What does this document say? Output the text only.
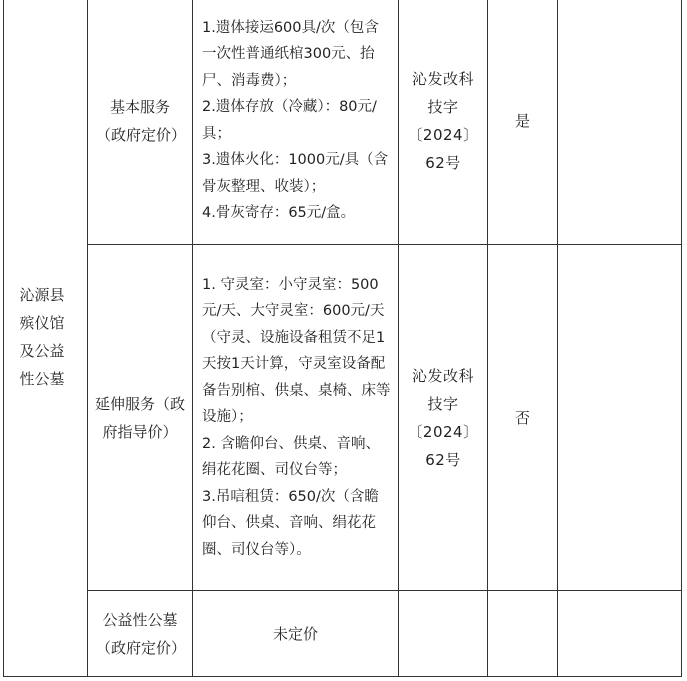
沁源县殡仪馆及公益性公墓	基本服务（政府定价）	1.遗体接运600具/次（包含一次性普通纸棺300元、抬尸、消毒费）；
2.遗体存放（冷藏）：80元/具；
3.遗体火化：1000元/具（含骨灰整理、收装）；
4.骨灰寄存：65元/盒。	沁发改科技字〔2024〕62号	是	

	延伸服务（政府指导价）	1. 守灵室：小守灵室：500元/天、大守灵室：600元/天（守灵、设施设备租赁不足1天按1天计算，守灵室设备配备告别棺、供桌、桌椅、床等设施）；
2. 含瞻仰台、供桌、音响、绢花花圈、司仪台等；
3.吊唁租赁：650/次（含瞻仰台、供桌、音响、绢花花圈、司仪台等）。	沁发改科技字〔2024〕62号	否	

	公益性公墓（政府定价）	未定价			
